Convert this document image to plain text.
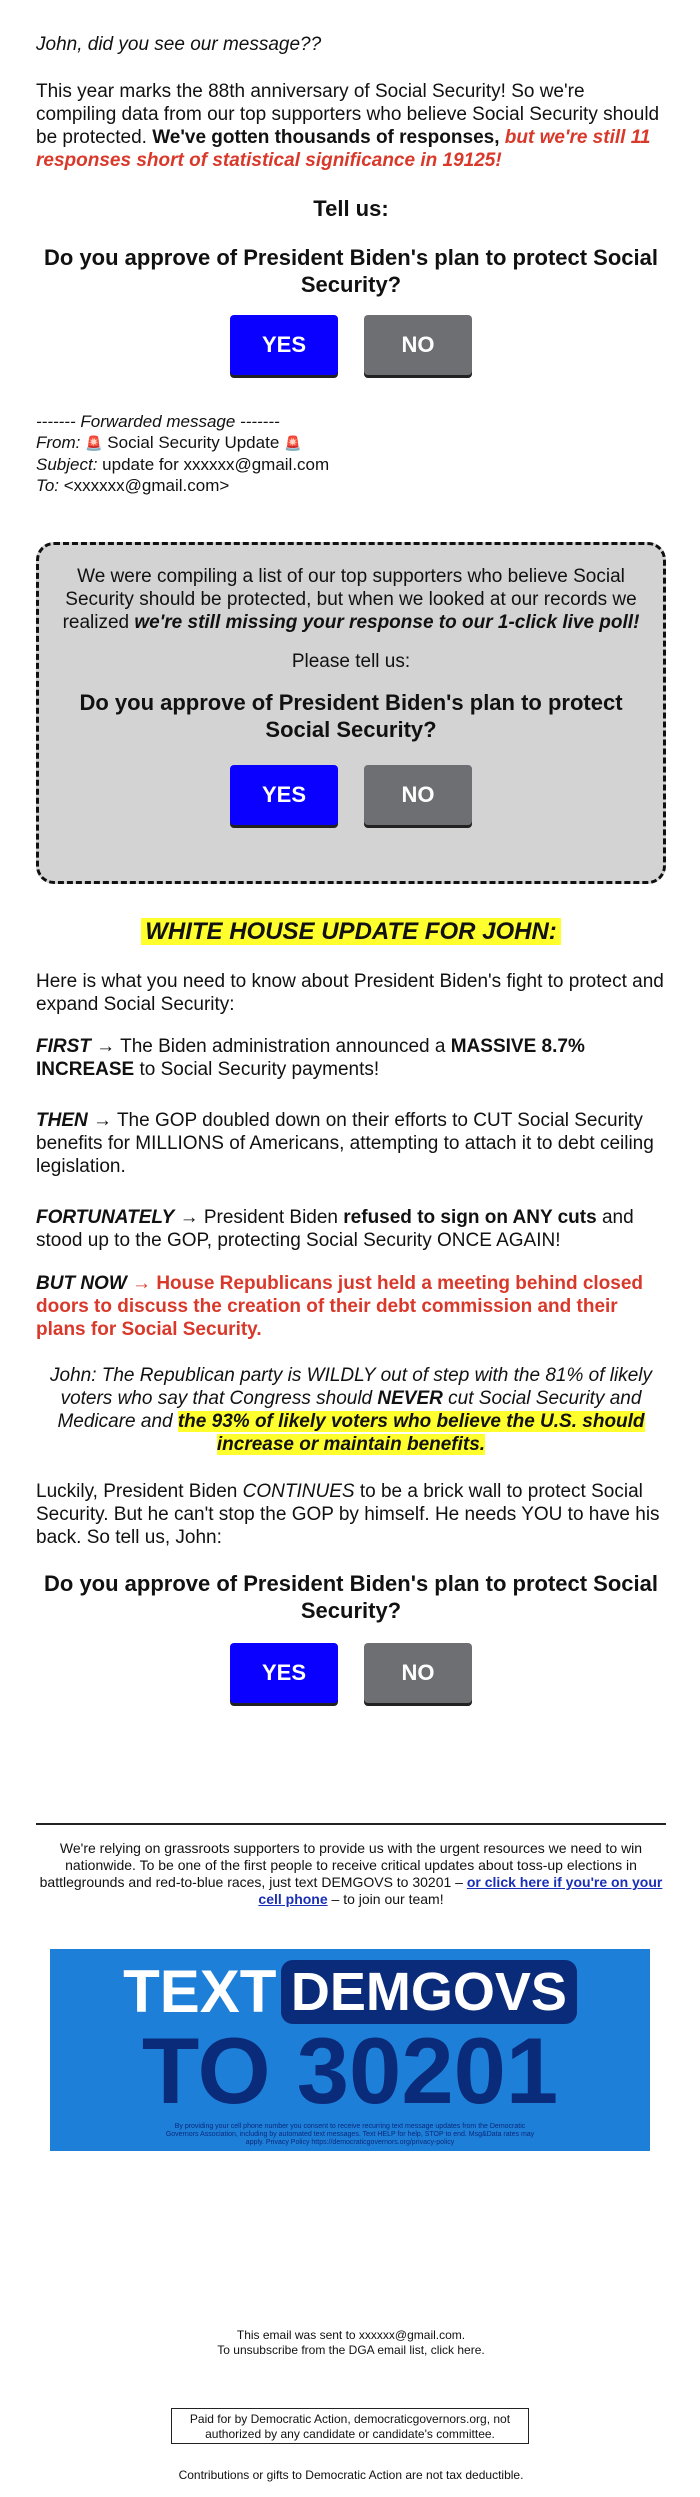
John, did you see our message??

This year marks the 88th anniversary of Social Security! So we're compiling data from our top supporters who believe Social Security should be protected. We've gotten thousands of responses, but we're still 11 responses short of statistical significance in 19125!

Tell us:

Do you approve of President Biden's plan to protect Social Security?

YES	NO
------- Forwarded message -------
From: 🚨 Social Security Update 🚨
Subject: update for xxxxxx@gmail.com
To: <xxxxxx@gmail.com>

We were compiling a list of our top supporters who believe Social Security should be protected, but when we looked at our records we realized we're still missing your response to our 1-click live poll!

Please tell us:

Do you approve of President Biden's plan to protect Social Security?

YES	NO
WHITE HOUSE UPDATE FOR JOHN:

Here is what you need to know about President Biden's fight to protect and expand Social Security:

FIRST → The Biden administration announced a MASSIVE 8.7% INCREASE to Social Security payments!

THEN → The GOP doubled down on their efforts to CUT Social Security benefits for MILLIONS of Americans, attempting to attach it to debt ceiling legislation.

FORTUNATELY → President Biden refused to sign on ANY cuts and stood up to the GOP, protecting Social Security ONCE AGAIN!

BUT NOW → House Republicans just held a meeting behind closed doors to discuss the creation of their debt commission and their plans for Social Security.

John: The Republican party is WILDLY out of step with the 81% of likely voters who say that Congress should NEVER cut Social Security and Medicare and the 93% of likely voters who believe the U.S. should increase or maintain benefits.

Luckily, President Biden CONTINUES to be a brick wall to protect Social Security. But he can't stop the GOP by himself. He needs YOU to have his back. So tell us, John:

Do you approve of President Biden's plan to protect Social Security?

YES	NO

We're relying on grassroots supporters to provide us with the urgent resources we need to win nationwide. To be one of the first people to receive critical updates about toss-up elections in battlegrounds and red-to-blue races, just text DEMGOVS to 30201 – or click here if you're on your cell phone – to join our team!

TEXT DEMGOVS
TO 30201
By providing your cell phone number you consent to receive recurring text message updates from the Democratic Governors Association, including by automated text messages. Text HELP for help, STOP to end. Msg&Data rates may apply. Privacy Policy https://democraticgovernors.org/privacy-policy
This email was sent to xxxxxx@gmail.com.
To unsubscribe from the DGA email list, click here.
Paid for by Democratic Action, democraticgovernors.org, not authorized by any candidate or candidate's committee.
Contributions or gifts to Democratic Action are not tax deductible.
